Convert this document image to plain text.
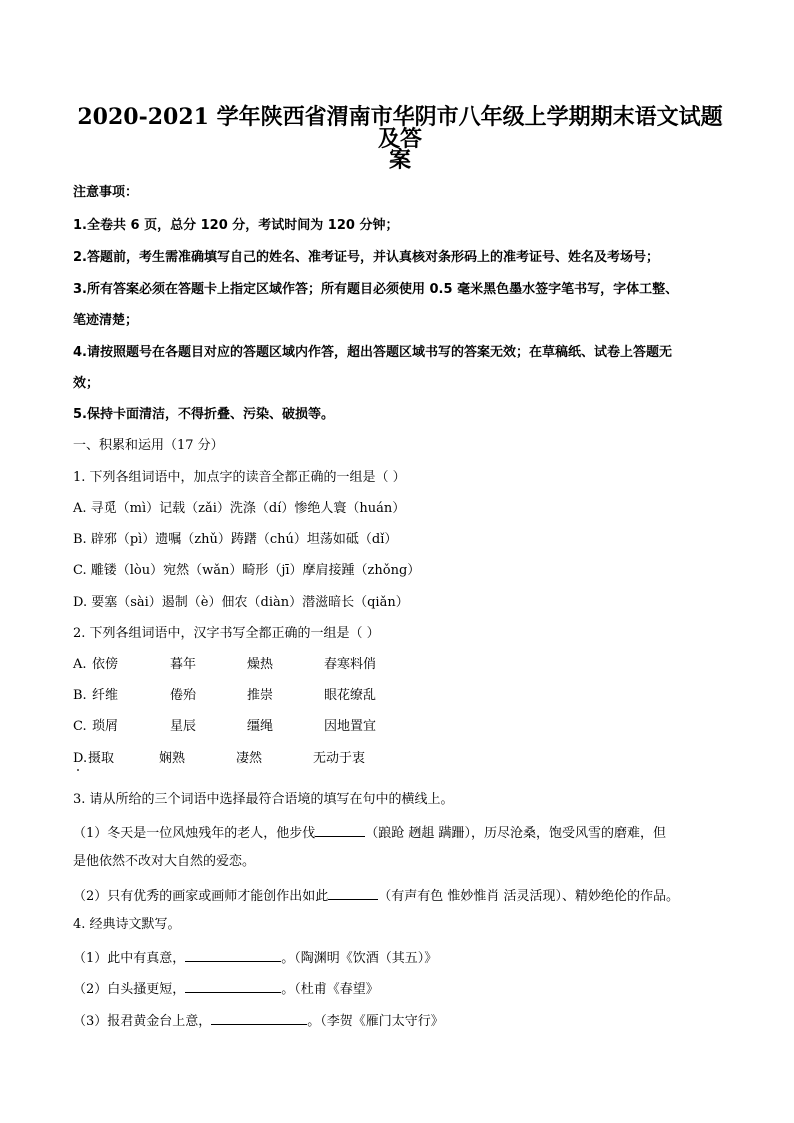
2020-2021 学年陕西省渭南市华阴市八年级上学期期末语文试题及答
案
注意事项：
1.全卷共 6 页，总分 120 分，考试时间为 120 分钟；
2.答题前，考生需准确填写自己的姓名、准考证号，并认真核对条形码上的准考证号、姓名及考场号；
3.所有答案必须在答题卡上指定区域作答；所有题目必须使用 0.5 毫米黑色墨水签字笔书写，字体工整、
笔迹清楚；
4.请按照题号在各题目对应的答题区域内作答，超出答题区域书写的答案无效；在草稿纸、试卷上答题无
效；
5.保持卡面清洁，不得折叠、污染、破损等。
一、积累和运用（17 分）
1. 下列各组词语中，加点字的读音全都正确的一组是（ ）
A. 寻觅（mì）记载（zǎi）洗涤（dí）惨绝人寰（huán）
B. 辟邪（pì）遗嘱（zhǔ）踌躇（chú）坦荡如砥（dǐ）
C. 雕镂（lòu）宛然（wǎn）畸形（jī）摩肩接踵（zhǒng）
D. 要塞（sài）遏制（è）佃农（diàn）潜滋暗长（qiǎn）
2. 下列各组词语中，汉字书写全都正确的一组是（ ）
A. 依傍	暮年	燥热	春寒料俏
B. 纤维	倦殆	推崇	眼花缭乱
C. 琐屑	星辰	缰绳	因地置宜
D. 摄取	娴熟	凄然	无动于衷
3. 请从所给的三个词语中选择最符合语境的填写在句中的横线上。
（1）冬天是一位风烛残年的老人，他步伐	（踉跄 趔趄 蹒跚），历尽沧桑，饱受风雪的磨难，但
是他依然不改对大自然的爱恋。
（2）只有优秀的画家或画师才能创作出如此	（有声有色 惟妙惟肖 活灵活现）、精妙绝伦的作品。
4. 经典诗文默写。
（1）此中有真意，	。（陶渊明《饮酒（其五）》
（2）白头搔更短，	。（杜甫《春望》
（3）报君黄金台上意，	。（李贺《雁门太守行》
